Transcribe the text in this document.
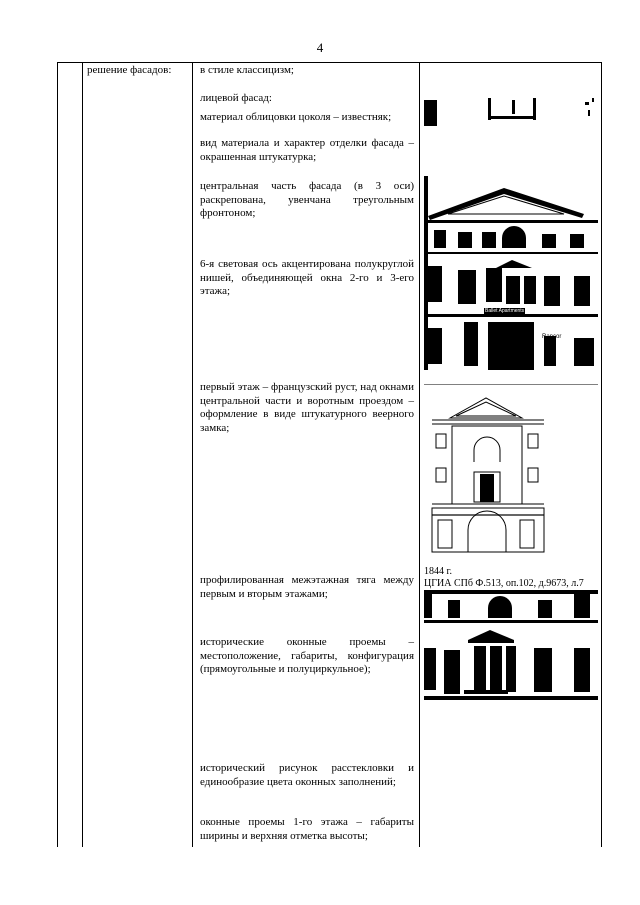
4
решение фасадов:	в стиле классицизм;
лицевой фасад:
материал облицовки цоколя – известняк;
вид материала и характер отделки фасада – окрашенная штукатурка;
центральная часть фасада (в 3 оси) раскрепована, увенчана треугольным фронтоном;
6-я световая ось акцентирована полукруглой нишей, объединяющей окна 2-го и 3-его этажа;
первый этаж – французский руст, над окнами центральной части и воротным проездом – оформление в виде штукатурного веерного замка;
профилированная межэтажная тяга между первым и вторым этажами;
исторические оконные проемы – местоположение, габариты, конфигурация (прямоугольные и полуциркульное);
исторический рисунок расстекловки и единообразие цвета оконных заполнений;
оконные проемы 1-го этажа – габариты ширины и верхняя отметка высоты;
Ballet Apartments
Rancor
1844 г.
ЦГИА СПб Ф.513, оп.102, д.9673, л.7
